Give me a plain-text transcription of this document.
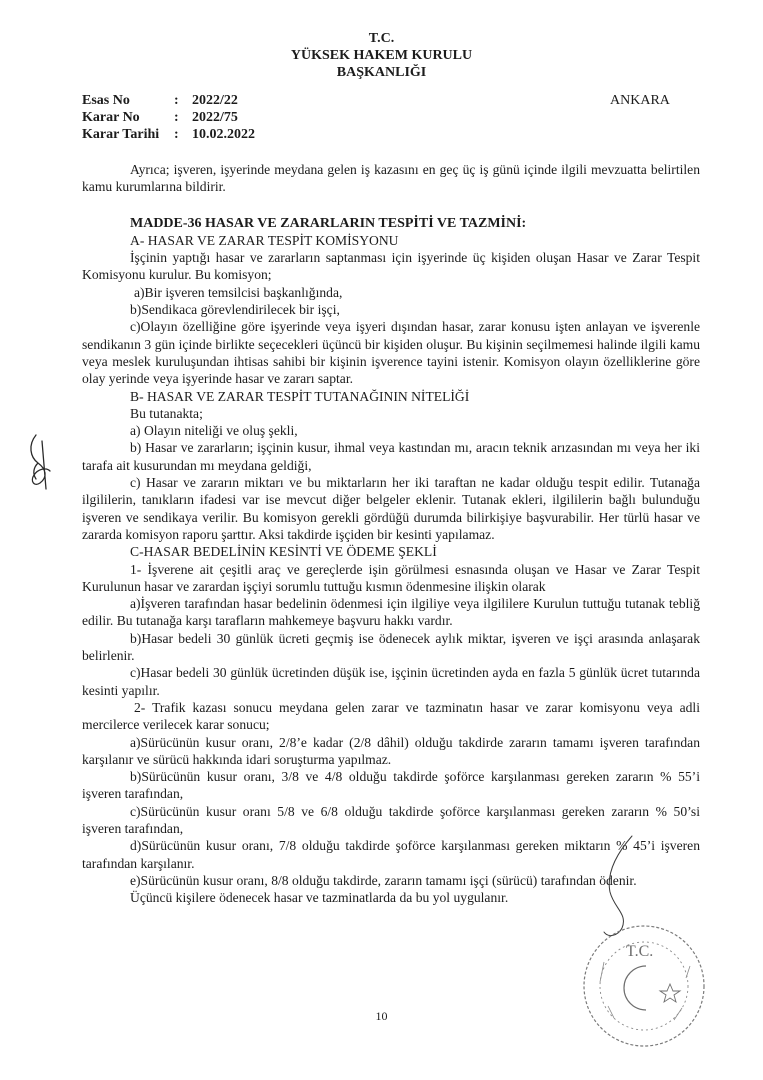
T.C.
YÜKSEK HAKEM KURULU
BAŞKANLIĞI
Esas No	: 2022/22
Karar No	: 2022/75
Karar Tarihi	: 10.02.2022
ANKARA

Ayrıca; işveren, işyerinde meydana gelen iş kazasını en geç üç iş günü içinde ilgili mevzuatta belirtilen kamu kurumlarına bildirir.

MADDE-36 HASAR VE ZARARLARIN TESPİTİ VE TAZMİNİ:

A- HASAR VE ZARAR TESPİT KOMİSYONU

İşçinin yaptığı hasar ve zararların saptanması için işyerinde üç kişiden oluşan Hasar ve Zarar Tespit Komisyonu kurulur. Bu komisyon;

a)Bir işveren temsilcisi başkanlığında,

b)Sendikaca görevlendirilecek bir işçi,

c)Olayın özelliğine göre işyerinde veya işyeri dışından hasar, zarar konusu işten anlayan ve işverenle sendikanın 3 gün içinde birlikte seçecekleri üçüncü bir kişiden oluşur. Bu kişinin seçilmemesi halinde ilgili kamu veya meslek kuruluşundan ihtisas sahibi bir kişinin işverence tayini istenir. Komisyon olayın özelliklerine göre olay yerinde veya işyerinde hasar ve zararı saptar.

B- HASAR VE ZARAR TESPİT TUTANAĞININ NİTELİĞİ

Bu tutanakta;

a) Olayın niteliği ve oluş şekli,

b) Hasar ve zararların; işçinin kusur, ihmal veya kastından mı, aracın teknik arızasından mı veya her iki tarafa ait kusurundan mı meydana geldiği,

c) Hasar ve zararın miktarı ve bu miktarların her iki taraftan ne kadar olduğu tespit edilir. Tutanağa ilgililerin, tanıkların ifadesi var ise mevcut diğer belgeler eklenir. Tutanak ekleri, ilgililerin bağlı bulunduğu işveren ve sendikaya verilir. Bu komisyon gerekli gördüğü durumda bilirkişiye başvurabilir. Her türlü hasar ve zararda komisyon raporu şarttır. Aksi takdirde işçiden bir kesinti yapılamaz.

C-HASAR BEDELİNİN KESİNTİ VE ÖDEME ŞEKLİ

1- İşverene ait çeşitli araç ve gereçlerde işin görülmesi esnasında oluşan ve Hasar ve Zarar Tespit Kurulunun hasar ve zarardan işçiyi sorumlu tuttuğu kısmın ödenmesine ilişkin olarak

a)İşveren tarafından hasar bedelinin ödenmesi için ilgiliye veya ilgililere Kurulun tuttuğu tutanak tebliğ edilir. Bu tutanağa karşı tarafların mahkemeye başvuru hakkı vardır.

b)Hasar bedeli 30 günlük ücreti geçmiş ise ödenecek aylık miktar, işveren ve işçi arasında anlaşarak belirlenir.

c)Hasar bedeli 30 günlük ücretinden düşük ise, işçinin ücretinden ayda en fazla 5 günlük ücret tutarında kesinti yapılır.

2- Trafik kazası sonucu meydana gelen zarar ve tazminatın hasar ve zarar komisyonu veya adli mercilerce verilecek karar sonucu;

a)Sürücünün kusur oranı, 2/8’e kadar (2/8 dâhil) olduğu takdirde zararın tamamı işveren tarafından karşılanır ve sürücü hakkında idari soruşturma yapılmaz.

b)Sürücünün kusur oranı, 3/8 ve 4/8 olduğu takdirde şoförce karşılanması gereken zararın % 55’i işveren tarafından,

c)Sürücünün kusur oranı 5/8 ve 6/8 olduğu takdirde şoförce karşılanması gereken zararın % 50’si işveren tarafından,

d)Sürücünün kusur oranı, 7/8 olduğu takdirde şoförce karşılanması gereken miktarın % 45’i işveren tarafından karşılanır.

e)Sürücünün kusur oranı, 8/8 olduğu takdirde, zararın tamamı işçi (sürücü) tarafından ödenir.

Üçüncü kişilere ödenecek hasar ve tazminatlarda da bu yol uygulanır.

10
T.C.
